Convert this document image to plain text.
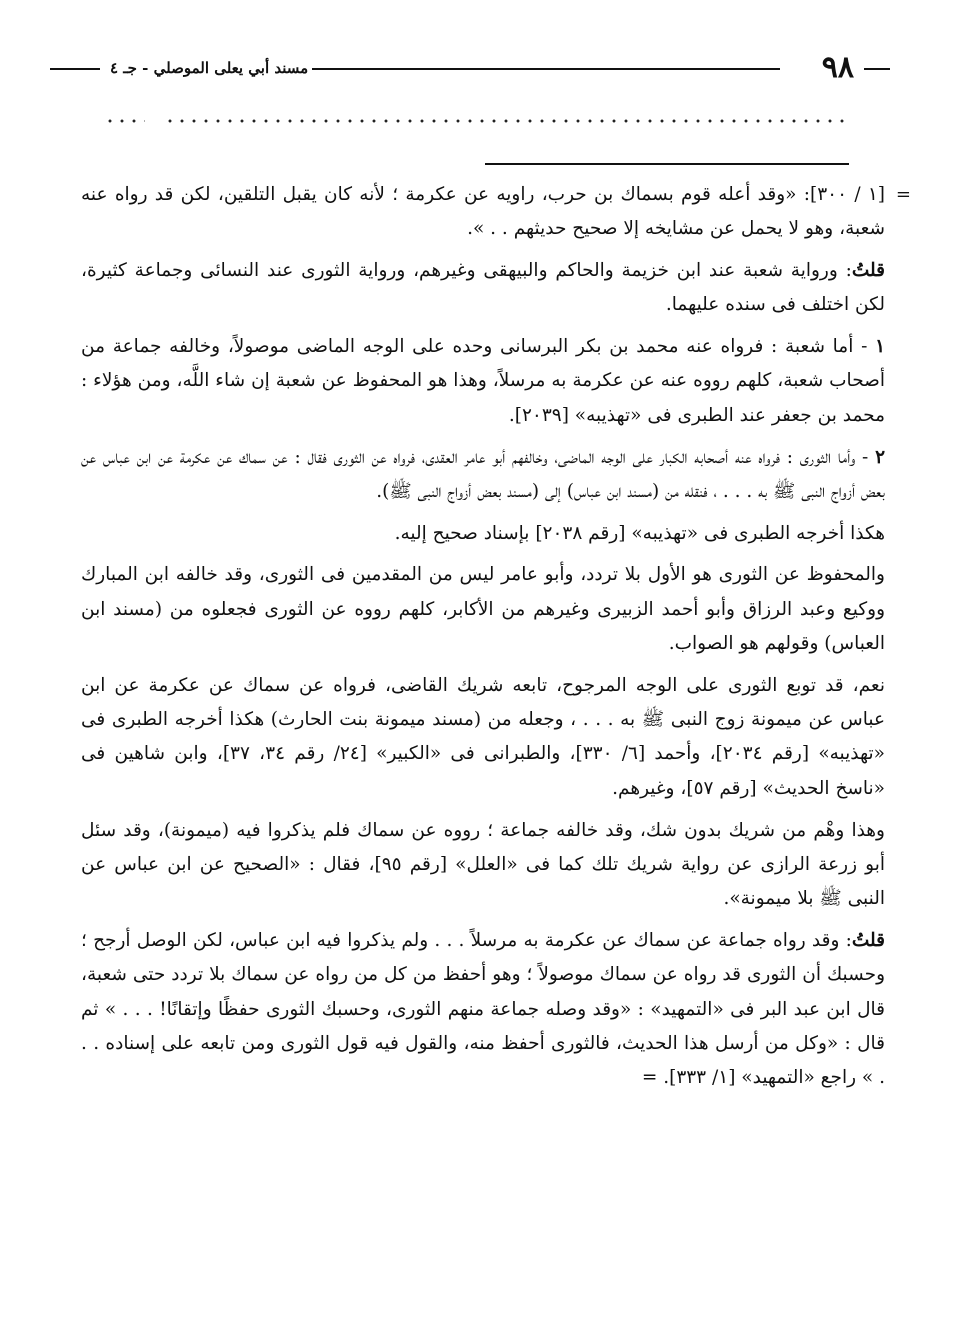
٩٨
مسند أبي يعلى الموصلي - جـ ٤

=
[١ / ٣٠٠]: «وقد أعله قوم بسماك بن حرب، راويه عن عكرمة ؛ لأنه كان يقبل التلقين، لكن قد رواه عنه شعبة، وهو لا يحمل عن مشايخه إلا صحيح حديثهم . . ».

قلتُ: ورواية شعبة عند ابن خزيمة والحاكم والبيهقى وغيرهم، ورواية الثورى عند النسائى وجماعة كثيرة، لكن اختلف فى سنده عليهما.

١ - أما شعبة : فرواه عنه محمد بن بكر البرسانى وحده على الوجه الماضى موصولاً، وخالفه جماعة من أصحاب شعبة، كلهم رووه عنه عن عكرمة به مرسلاً، وهذا هو المحفوظ عن شعبة إن شاء اللَّه، ومن هؤلاء : محمد بن جعفر عند الطبرى فى «تهذيبه» [٢٠٣٩].

٢ - وأما الثورى : فرواه عنه أصحابه الكبار على الوجه الماضى، وخالفهم أبو عامر العقدى، فرواه عن الثورى فقال : عن سماك عن عكرمة عن ابن عباس عن بعض أزواج النبى ﷺ به . . . ، فنقله من (مسند ابن عباس) إلى (مسند بعض أزواج النبى ﷺ).

هكذا أخرجه الطبرى فى «تهذيبه» [رقم ٢٠٣٨] بإسناد صحيح إليه.

والمحفوظ عن الثورى هو الأول بلا تردد، وأبو عامر ليس من المقدمين فى الثورى، وقد خالفه ابن المبارك ووكيع وعبد الرزاق وأبو أحمد الزبيرى وغيرهم من الأكابر، كلهم رووه عن الثورى فجعلوه من (مسند ابن العباس) وقولهم هو الصواب.

نعم، قد توبع الثورى على الوجه المرجوح، تابعه شريك القاضى، فرواه عن سماك عن عكرمة عن ابن عباس عن ميمونة زوج النبى ﷺ به . . . ، وجعله من (مسند ميمونة بنت الحارث) هكذا أخرجه الطبرى فى «تهذيبه» [رقم ٢٠٣٤]، وأحمد [٦/ ٣٣٠]، والطبرانى فى «الكبير» [٢٤/ رقم ٣٤، ٣٧]، وابن شاهين فى «ناسخ الحديث» [رقم ٥٧]، وغيرهم.

وهذا وهْم من شريك بدون شك، وقد خالفه جماعة ؛ رووه عن سماك فلم يذكروا فيه (ميمونة)، وقد سئل أبو زرعة الرازى عن رواية شريك تلك كما فى «العلل» [رقم ٩٥]، فقال : «الصحيح عن ابن عباس عن النبى ﷺ بلا ميمونة».

قلتُ: وقد رواه جماعة عن سماك عن عكرمة به مرسلاً . . . ولم يذكروا فيه ابن عباس، لكن الوصل أرجح ؛ وحسبك أن الثورى قد رواه عن سماك موصولاً ؛ وهو أحفظ من كل من رواه عن سماك بلا تردد حتى شعبة، قال ابن عبد البر فى «التمهيد» : «وقد وصله جماعة منهم الثورى، وحسبك الثورى حفظًا وإتقانًا! . . . » ثم قال : «وكل من أرسل هذا الحديث، فالثورى أحفظ منه، والقول فيه قول الثورى ومن تابعه على إسناده . . . » راجع «التمهيد» [١/ ٣٣٣]. =
